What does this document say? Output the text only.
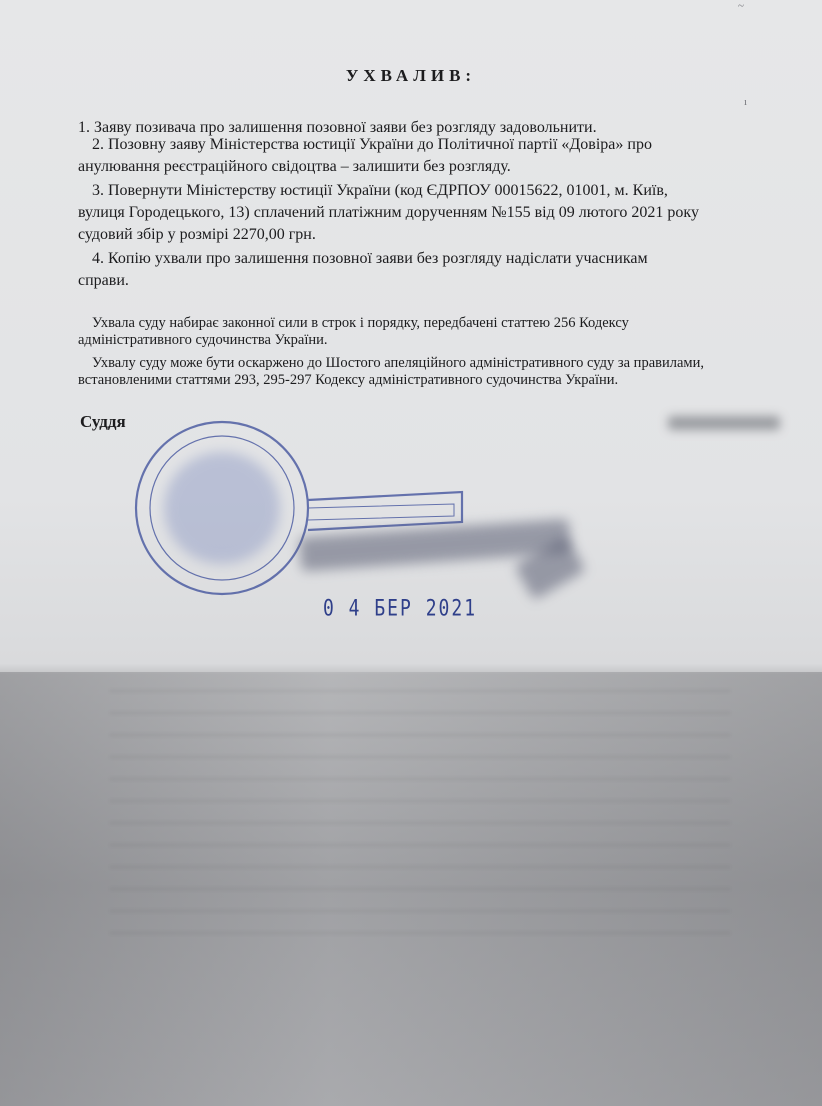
~
ı
УХВАЛИВ:

1. Заяву позивача про залишення позовної заяви без розгляду задовольнити.

2. Позовну заяву Міністерства юстиції України до Політичної партії «Довіра» про

анулювання реєстраційного свідоцтва – залишити без розгляду.

3. Повернути Міністерству юстиції України (код ЄДРПОУ 00015622, 01001, м. Київ,

вулиця Городецького, 13) сплачений платіжним дорученням №155 від 09 лютого 2021 року

судовий збір у розмірі 2270,00 грн.

4. Копію ухвали про залишення позовної заяви без розгляду надіслати учасникам

справи.

Ухвала суду набирає законної сили в строк і порядку, передбачені статтею 256 Кодексу

адміністративного судочинства України.

Ухвалу суду може бути оскаржено до Шостого апеляційного адміністративного суду за правилами,

встановленими статтями 293, 295-297 Кодексу адміністративного судочинства України.

Суддя
0 4 БЕР 2021
